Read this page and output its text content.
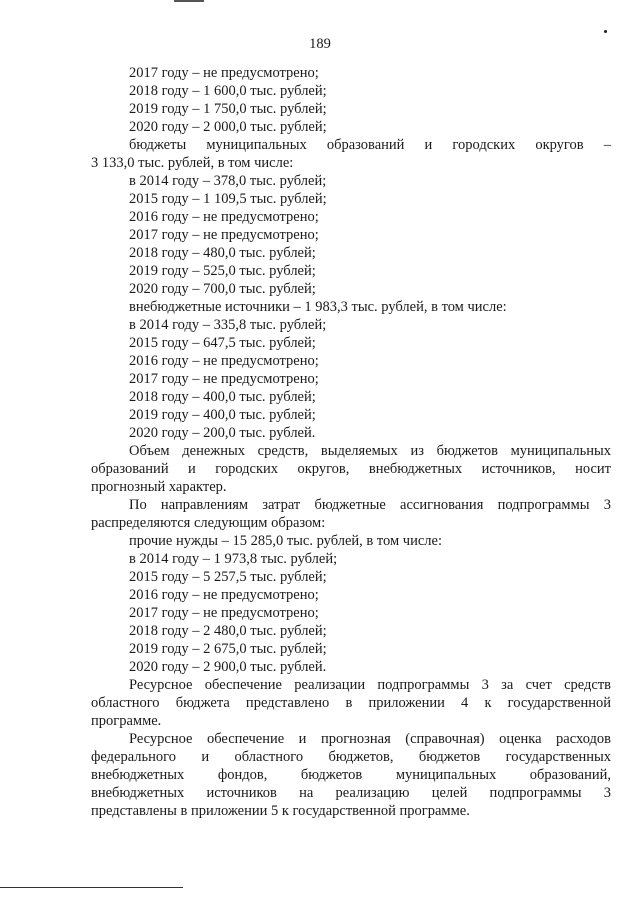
189

2017 году – не предусмотрено;

2018 году – 1 600,0 тыс. рублей;

2019 году – 1 750,0 тыс. рублей;

2020 году – 2 000,0 тыс. рублей;

бюджеты муниципальных образований и городских округов –

3 133,0 тыс. рублей, в том числе:

в 2014 году – 378,0 тыс. рублей;

2015 году – 1 109,5 тыс. рублей;

2016 году – не предусмотрено;

2017 году – не предусмотрено;

2018 году – 480,0 тыс. рублей;

2019 году – 525,0 тыс. рублей;

2020 году – 700,0 тыс. рублей;

внебюджетные источники – 1 983,3 тыс. рублей, в том числе:

в 2014 году – 335,8 тыс. рублей;

2015 году – 647,5 тыс. рублей;

2016 году – не предусмотрено;

2017 году – не предусмотрено;

2018 году – 400,0 тыс. рублей;

2019 году – 400,0 тыс. рублей;

2020 году – 200,0 тыс. рублей.

Объем денежных средств, выделяемых из бюджетов муниципальных

образований и городских округов, внебюджетных источников, носит

прогнозный характер.

По направлениям затрат бюджетные ассигнования подпрограммы 3

распределяются следующим образом:

прочие нужды – 15 285,0 тыс. рублей, в том числе:

в 2014 году – 1 973,8 тыс. рублей;

2015 году – 5 257,5 тыс. рублей;

2016 году – не предусмотрено;

2017 году – не предусмотрено;

2018 году – 2 480,0 тыс. рублей;

2019 году – 2 675,0 тыс. рублей;

2020 году – 2 900,0 тыс. рублей.

Ресурсное обеспечение реализации подпрограммы 3 за счет средств

областного бюджета представлено в приложении 4 к государственной

программе.

Ресурсное обеспечение и прогнозная (справочная) оценка расходов

федерального и областного бюджетов, бюджетов государственных

внебюджетных фондов, бюджетов муниципальных образований,

внебюджетных источников на реализацию целей подпрограммы 3

представлены в приложении 5 к государственной программе.
